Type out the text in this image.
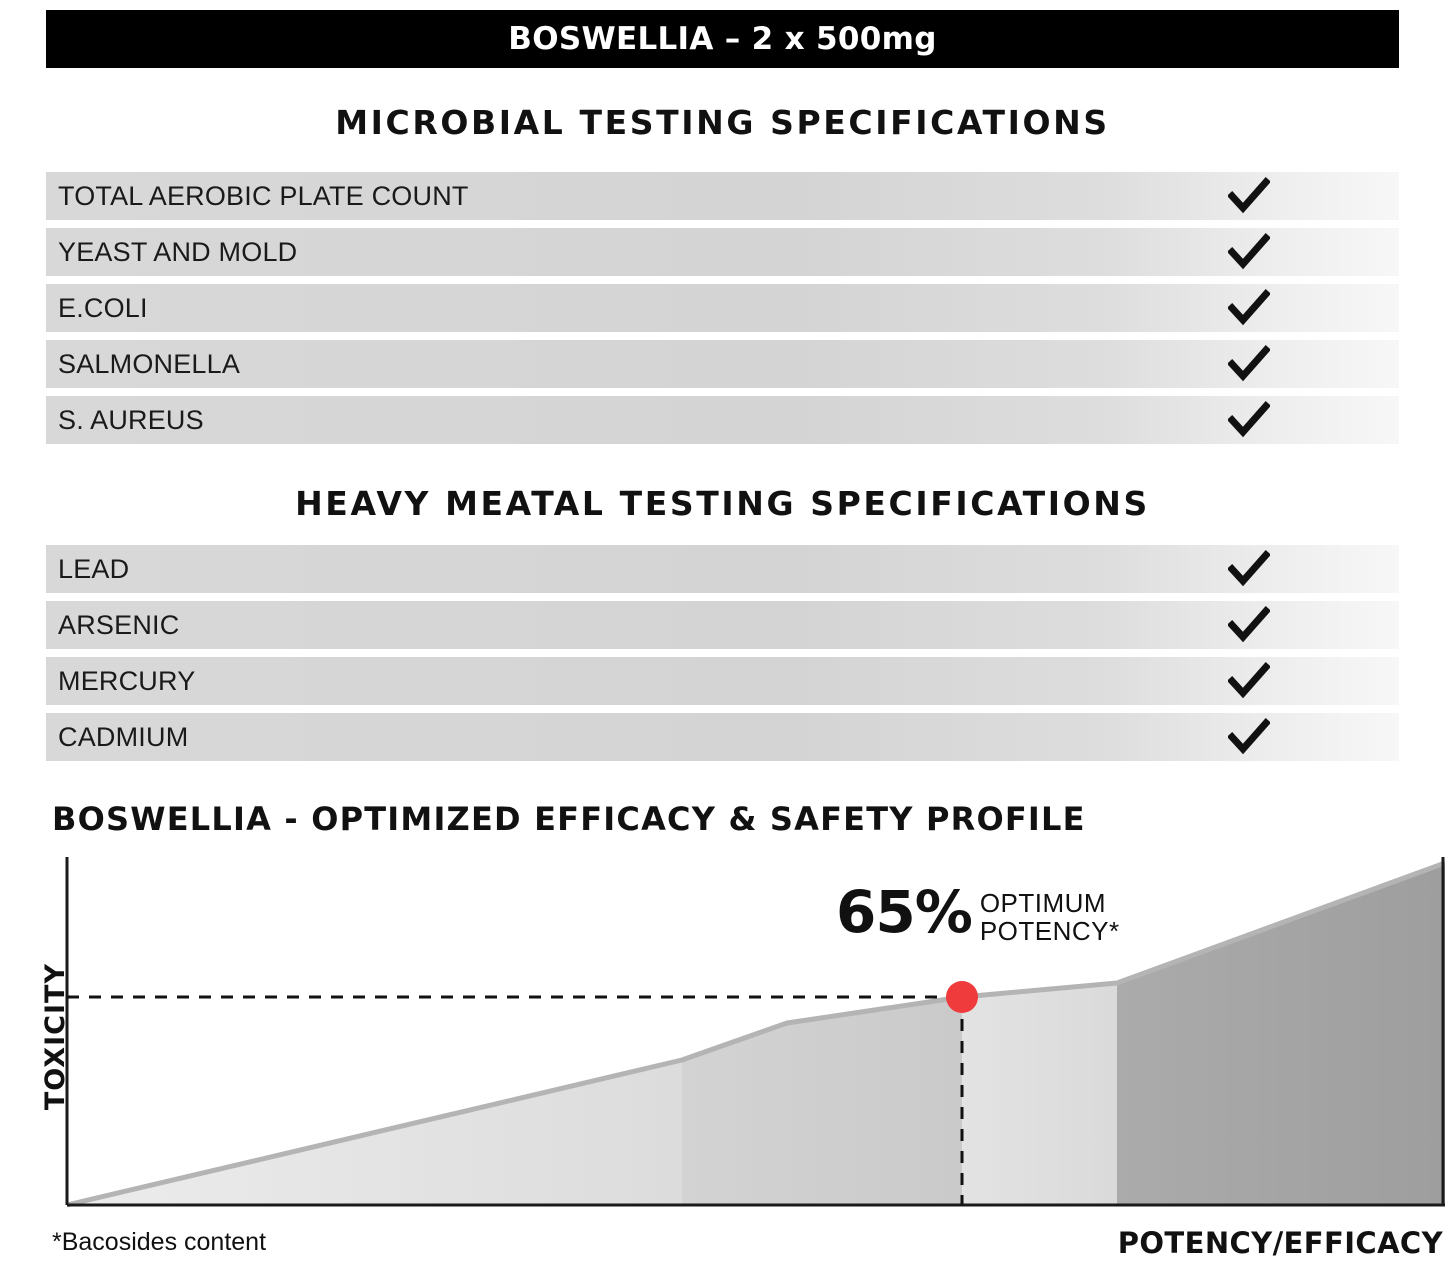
BOSWELLIA – 2 x 500mg
MICROBIAL TESTING SPECIFICATIONS
TOTAL AEROBIC PLATE COUNT
YEAST AND MOLD
E.COLI
SALMONELLA
S. AUREUS
HEAVY MEATAL TESTING SPECIFICATIONS
LEAD
ARSENIC
MERCURY
CADMIUM
BOSWELLIA - OPTIMIZED EFFICACY & SAFETY PROFILE
TOXICITY
65% OPTIMUM
POTENCY*
*Bacosides content	POTENCY/EFFICACY
